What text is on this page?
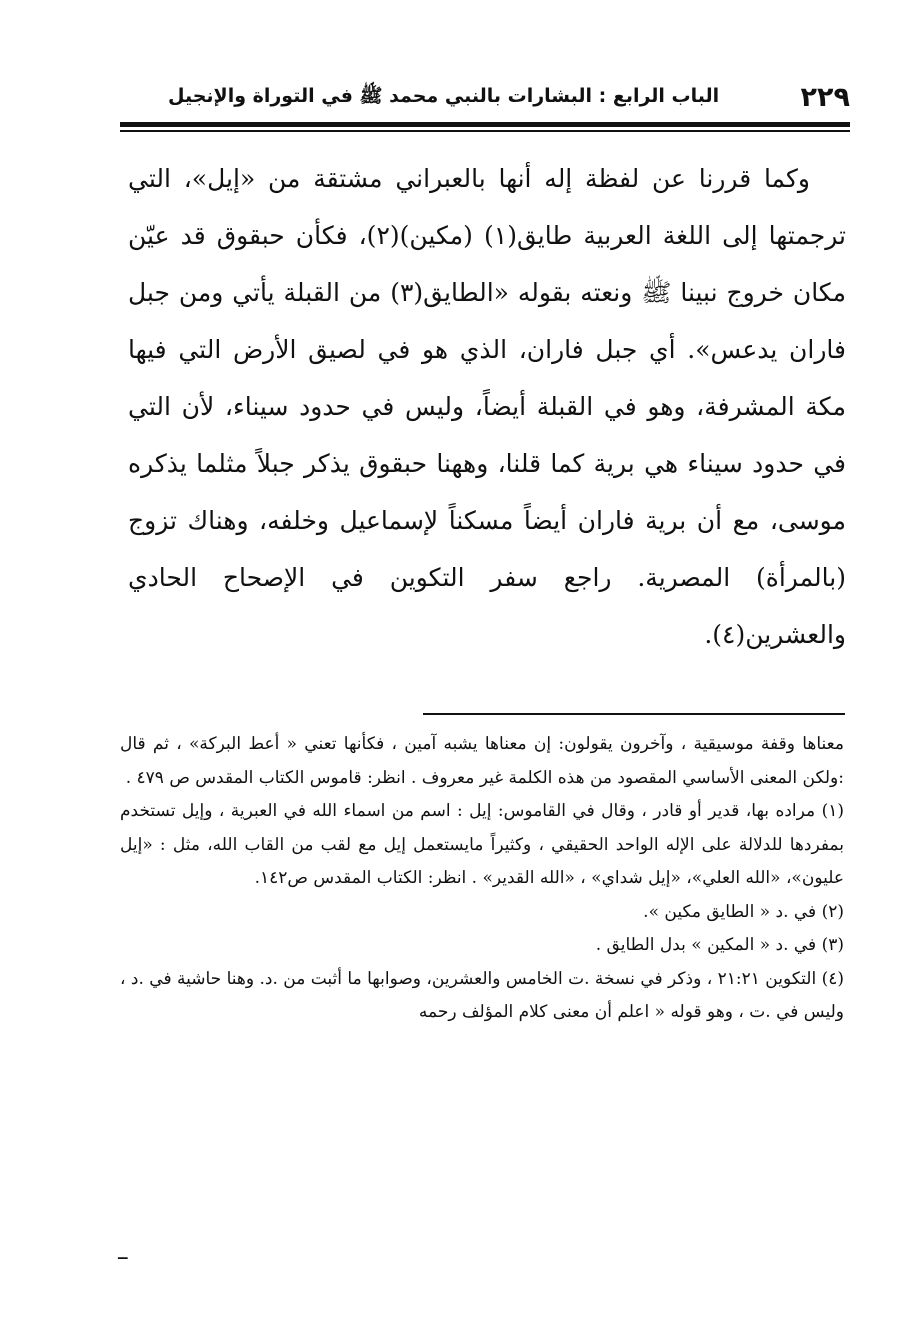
٢٢٩
الباب الرابع : البشارات بالنبي محمد ﷺ في التوراة والإنجيل

وكما قررنا عن لفظة إله أنها بالعبراني مشتقة من «إيل»، التي ترجمتها إلى اللغة العربية طايق(١) (مكين)(٢)، فكأن حبقوق قد عيّن مكان خروج نبينا ﷺ ونعته بقوله «الطايق(٣) من القبلة يأتي ومن جبل فاران يدعس». أي جبل فاران، الذي هو في لصيق الأرض التي فيها مكة المشرفة، وهو في القبلة أيضاً، وليس في حدود سيناء، لأن التي في حدود سيناء هي برية كما قلنا، وههنا حبقوق يذكر جبلاً مثلما يذكره موسى، مع أن برية فاران أيضاً مسكناً لإسماعيل وخلفه، وهناك تزوج (بالمرأة) المصرية. راجع سفر التكوين في الإصحاح الحادي والعشرين(٤).

معناها وقفة موسيقية ، وآخرون يقولون: إن معناها يشبه آمين ، فكأنها تعني « أعط البركة» ، ثم قال :ولكن المعنى الأساسي المقصود من هذه الكلمة غير معروف . انظر: قاموس الكتاب المقدس ص ٤٧٩ .

(١) مراده بها، قدير أو قادر ، وقال في القاموس: إيل : اسم من اسماء الله في العبرية ، وإيل تستخدم بمفردها للدلالة على الإله الواحد الحقيقي ، وكثيراً مايستعمل إيل مع لقب من القاب الله، مثل : «إيل عليون»، «الله العلي»، «إيل شداي» ، «الله القدير» . انظر: الكتاب المقدس ص١٤٢.

(٢) في .د « الطايق مكين ».

(٣) في .د « المكين » بدل الطايق .

(٤) التكوين ٢١:٢١ ، وذكر في نسخة .ت الخامس والعشرين، وصوابها ما أثبت من .د. وهنا حاشية في .د ، وليس في .ت ، وهو قوله « اعلم أن معنى كلام المؤلف رحمه

ــ
